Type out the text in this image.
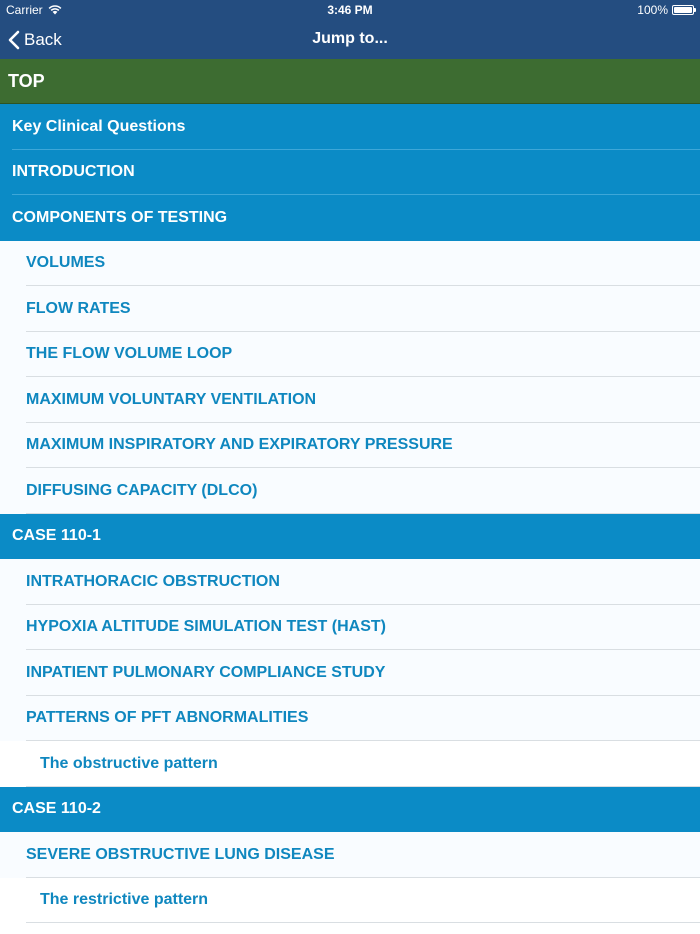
Carrier	3:46 PM	100%
Back	Jump to...
TOP
Key Clinical Questions
INTRODUCTION
COMPONENTS OF TESTING
VOLUMES
FLOW RATES
THE FLOW VOLUME LOOP
MAXIMUM VOLUNTARY VENTILATION
MAXIMUM INSPIRATORY AND EXPIRATORY PRESSURE
DIFFUSING CAPACITY (DLCO)
CASE 110-1
INTRATHORACIC OBSTRUCTION
HYPOXIA ALTITUDE SIMULATION TEST (HAST)
INPATIENT PULMONARY COMPLIANCE STUDY
PATTERNS OF PFT ABNORMALITIES
The obstructive pattern
CASE 110-2
SEVERE OBSTRUCTIVE LUNG DISEASE
The restrictive pattern
